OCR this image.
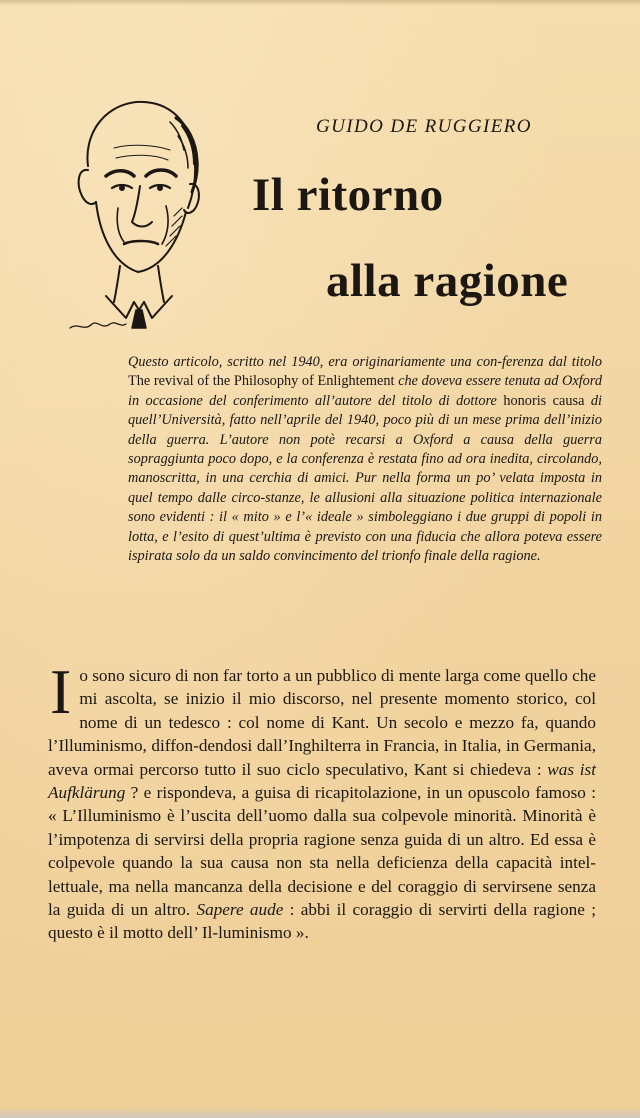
GUIDO DE RUGGIERO
Il ritorno
alla ragione
Questo articolo, scritto nel 1940, era originariamente una con-ferenza dal titolo The revival of the Philosophy of Enlightement che doveva essere tenuta ad Oxford in occasione del conferimento all’autore del titolo di dottore honoris causa di quell’Università, fatto nell’aprile del 1940, poco più di un mese prima dell’inizio della guerra. L’autore non potè recarsi a Oxford a causa della guerra sopraggiunta poco dopo, e la conferenza è restata fino ad ora inedita, circolando, manoscritta, in una cerchia di amici. Pur nella forma un po’ velata imposta in quel tempo dalle circo-stanze, le allusioni alla situazione politica internazionale sono evidenti : il « mito » e l’« ideale » simboleggiano i due gruppi di popoli in lotta, e l’esito di quest’ultima è previsto con una fiducia che allora poteva essere ispirata solo da un saldo convincimento del trionfo finale della ragione.
Io sono sicuro di non far torto a un pubblico di mente larga come quello che mi ascolta, se inizio il mio discorso, nel presente momento storico, col nome di un tedesco : col nome di Kant. Un secolo e mezzo fa, quando l’Illuminismo, diffon-dendosi dall’Inghilterra in Francia, in Italia, in Germania, aveva ormai percorso tutto il suo ciclo speculativo, Kant si chiedeva : was ist Aufklärung ? e rispondeva, a guisa di ricapitolazione, in un opuscolo famoso : « L’Illuminismo è l’uscita dell’uomo dalla sua colpevole minorità. Minorità è l’impotenza di servirsi della propria ragione senza guida di un altro. Ed essa è colpevole quando la sua causa non sta nella deficienza della capacità intel-lettuale, ma nella mancanza della decisione e del coraggio di servirsene senza la guida di un altro. Sapere aude : abbi il coraggio di servirti della ragione ; questo è il motto dell’ Il-luminismo ».
